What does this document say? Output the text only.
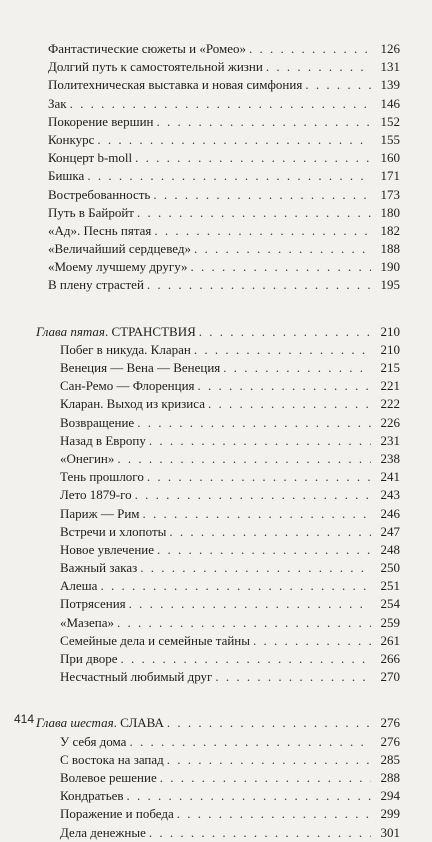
Фантастические сюжеты и «Ромео» . . .	126
Долгий путь к самостоятельной жизни . . .	131
Политехническая выставка и новая симфония . . .	139
Зак . . .	146
Покорение вершин . . .	152
Конкурс . . .	155
Концерт b-moll . . .	160
Бишка . . .	171
Востребованность . . .	173
Путь в Байройт . . .	180
«Ад». Песнь пятая . . .	182
«Величайший сердцевед» . . .	188
«Моему лучшему другу» . . .	190
В плену страстей . . .	195
Глава пятая. СТРАНСТВИЯ . . .	210
Побег в никуда. Кларан . . .	210
Венеция — Вена — Венеция . . .	215
Сан-Ремо — Флоренция . . .	221
Кларан. Выход из кризиса . . .	222
Возвращение . . .	226
Назад в Европу . . .	231
«Онегин» . . .	238
Тень прошлого . . .	241
Лето 1879-го . . .	243
Париж — Рим . . .	246
Встречи и хлопоты . . .	247
Новое увлечение . . .	248
Важный заказ . . .	250
Алеша . . .	251
Потрясения . . .	254
«Мазепа» . . .	259
Семейные дела и семейные тайны . . .	261
При дворе . . .	266
Несчастный любимый друг . . .	270
Глава шестая. СЛАВА . . .	276
У себя дома . . .	276
С востока на запад . . .	285
Волевое решение . . .	288
Кондратьев . . .	294
Поражение и победа . . .	299
Дела денежные . . .	301
414
